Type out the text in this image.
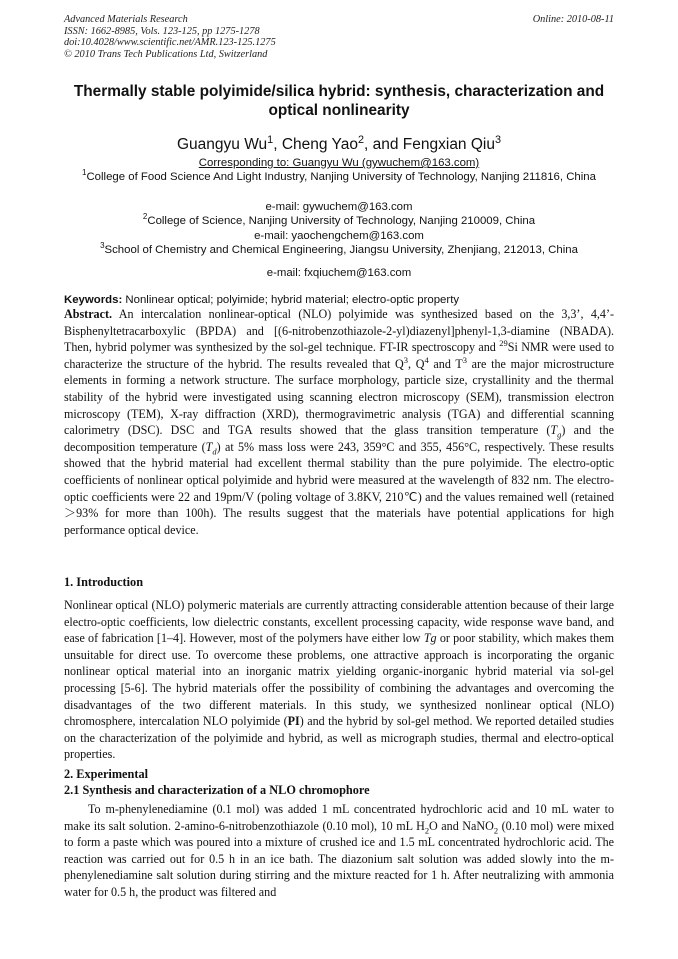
Advanced Materials Research
ISSN: 1662-8985, Vols. 123-125, pp 1275-1278
doi:10.4028/www.scientific.net/AMR.123-125.1275
© 2010 Trans Tech Publications Ltd, Switzerland
Online: 2010-08-11
Thermally stable polyimide/silica hybrid: synthesis, characterization and optical nonlinearity
Guangyu Wu$^1$, Cheng Yao$^2$, and Fengxian Qiu$^3$
Corresponding to: Guangyu Wu (gywuchem@163.com)
$^1$College of Food Science And Light Industry, Nanjing University of Technology, Nanjing 211816, China
e-mail: gywuchem@163.com
$^2$College of Science, Nanjing University of Technology, Nanjing 210009, China
e-mail: yaochengchem@163.com
$^3$School of Chemistry and Chemical Engineering, Jiangsu University, Zhenjiang, 212013, China
e-mail: fxqiuchem@163.com
Keywords: Nonlinear optical; polyimide; hybrid material; electro-optic property
Abstract. An intercalation nonlinear-optical (NLO) polyimide was synthesized based on the 3,3’, 4,4’- Bisphenyltetracarboxylic (BPDA) and [(6-nitrobenzothiazole-2-yl)diazenyl]phenyl-1,3-diamine (NBADA). Then, hybrid polymer was synthesized by the sol-gel technique. FT-IR spectroscopy and $^{29}$Si NMR were used to characterize the structure of the hybrid. The results revealed that $Q^3$, $Q^4$ and $T^3$ are the major microstructure elements in forming a network structure. The surface morphology, particle size, crystallinity and the thermal stability of the hybrid were investigated using scanning electron microscopy (SEM), transmission electron microscopy (TEM), X-ray diffraction (XRD), thermogravimetric analysis (TGA) and differential scanning calorimetry (DSC). DSC and TGA results showed that the glass transition temperature $(T_g)$ and the decomposition temperature $(T_d)$ at 5% mass loss were 243, 359°C and 355, 456°C, respectively. These results showed that the hybrid material had excellent thermal stability than the pure polyimide. The electro-optic coefficients of nonlinear optical polyimide and hybrid were measured at the wavelength of 832 nm. The electro-optic coefficients were 22 and 19pm/V (poling voltage of 3.8KV, 210℃) and the values remained well (retained＞93% for more than 100h). The results suggest that the materials have potential applications for high performance optical device.
1. Introduction
Nonlinear optical (NLO) polymeric materials are currently attracting considerable attention because of their large electro-optic coefficients, low dielectric constants, excellent processing capacity, wide response wave band, and ease of fabrication [1–4]. However, most of the polymers have either low Tg or poor stability, which makes them unsuitable for direct use. To overcome these problems, one attractive approach is incorporating the organic nonlinear optical material into an inorganic matrix yielding organic-inorganic hybrid material via sol-gel processing [5-6]. The hybrid materials offer the possibility of combining the advantages and overcoming the disadvantages of the two different materials. In this study, we synthesized nonlinear optical (NLO) chromosphere, intercalation NLO polyimide (PI) and the hybrid by sol-gel method. We reported detailed studies on the characterization of the polyimide and hybrid, as well as micrograph studies, thermal and electro-optical properties.
2. Experimental
2.1 Synthesis and characterization of a NLO chromophore
To m-phenylenediamine (0.1 mol) was added 1 mL concentrated hydrochloric acid and 10 mL water to make its salt solution. 2-amino-6-nitrobenzothiazole (0.10 mol), 10 mL $H_2O$ and NaNO$_2$ (0.10 mol) were mixed to form a paste which was poured into a mixture of crushed ice and 1.5 mL concentrated hydrochloric acid. The reaction was carried out for 0.5 h in an ice bath. The diazonium salt solution was added slowly into the m-phenylenediamine salt solution during stirring and the mixture reacted for 1 h. After neutralizing with ammonia water for 0.5 h, the product was filtered and
